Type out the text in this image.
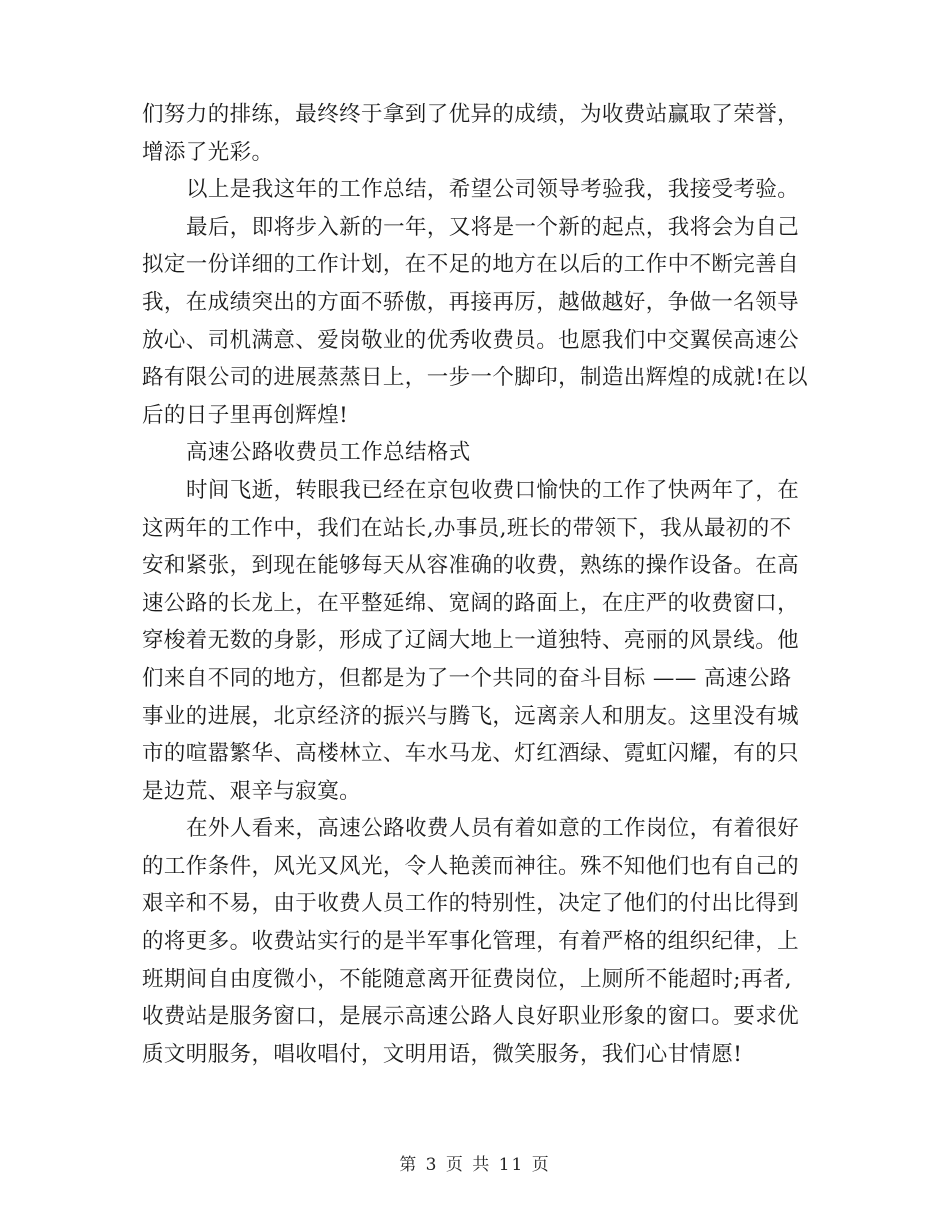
们努力的排练，最终终于拿到了优异的成绩，为收费站赢取了荣誉，
增添了光彩。
以上是我这年的工作总结，希望公司领导考验我，我接受考验。
最后，即将步入新的一年，又将是一个新的起点，我将会为自己
拟定一份详细的工作计划，在不足的地方在以后的工作中不断完善自
我，在成绩突出的方面不骄傲，再接再厉，越做越好，争做一名领导
放心、司机满意、爱岗敬业的优秀收费员。也愿我们中交翼侯高速公
路有限公司的进展蒸蒸日上，一步一个脚印，制造出辉煌的成就!在以
后的日子里再创辉煌!
高速公路收费员工作总结格式
时间飞逝，转眼我已经在京包收费口愉快的工作了快两年了，在
这两年的工作中，我们在站长,办事员,班长的带领下，我从最初的不
安和紧张，到现在能够每天从容准确的收费，熟练的操作设备。在高
速公路的长龙上，在平整延绵、宽阔的路面上，在庄严的收费窗口，
穿梭着无数的身影，形成了辽阔大地上一道独特、亮丽的风景线。他
们来自不同的地方，但都是为了一个共同的奋斗目标 —— 高速公路
事业的进展，北京经济的振兴与腾飞，远离亲人和朋友。这里没有城
市的喧嚣繁华、高楼林立、车水马龙、灯红酒绿、霓虹闪耀，有的只
是边荒、艰辛与寂寞。
在外人看来，高速公路收费人员有着如意的工作岗位，有着很好
的工作条件，风光又风光，令人艳羡而神往。殊不知他们也有自己的
艰辛和不易，由于收费人员工作的特别性，决定了他们的付出比得到
的将更多。收费站实行的是半军事化管理，有着严格的组织纪律，上
班期间自由度微小，不能随意离开征费岗位，上厕所不能超时;再者,
收费站是服务窗口，是展示高速公路人良好职业形象的窗口。要求优
质文明服务，唱收唱付，文明用语，微笑服务，我们心甘情愿!
第 3 页 共 11 页
